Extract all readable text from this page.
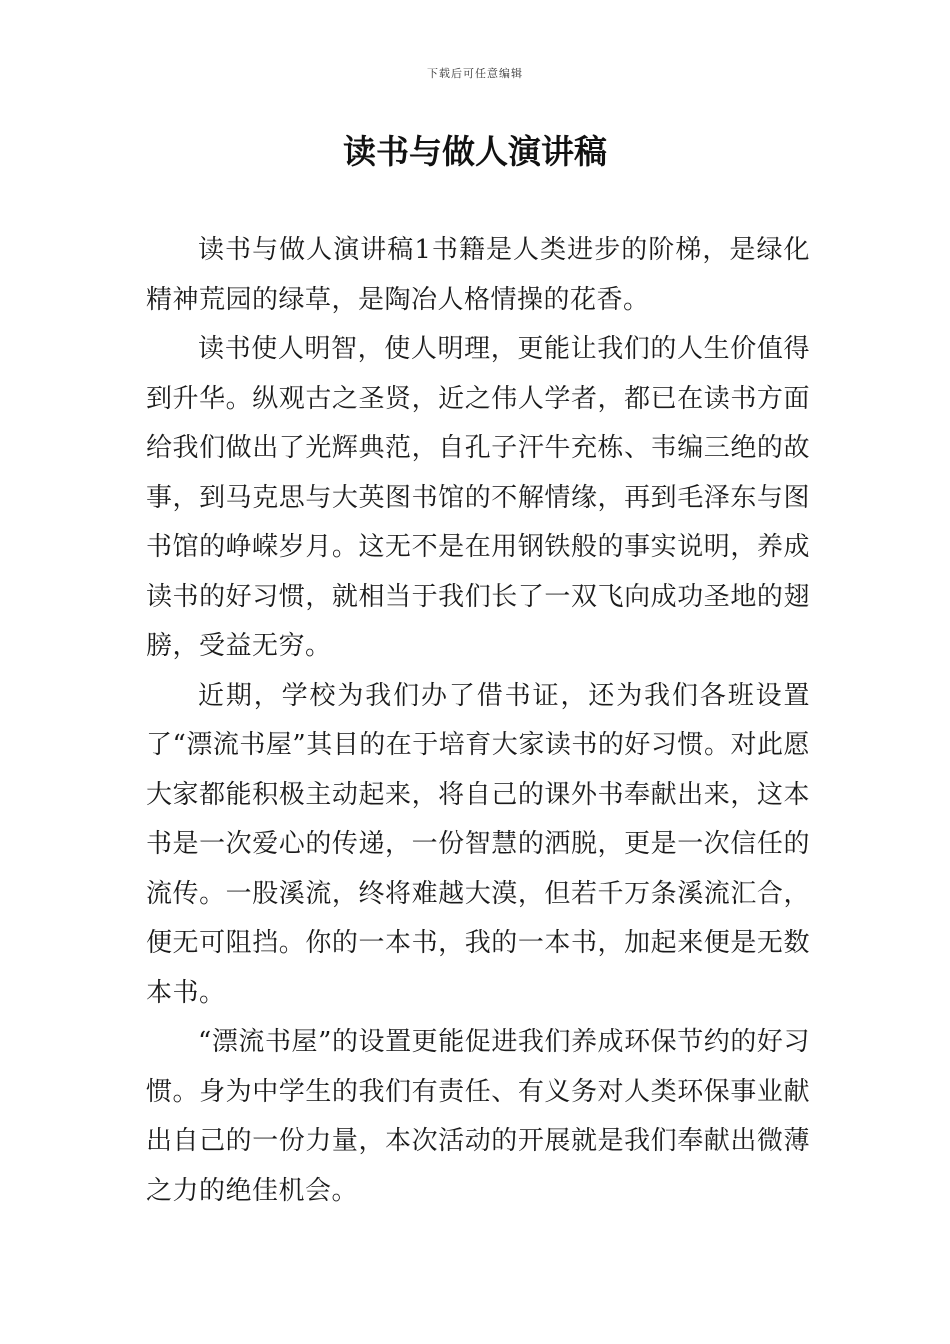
下载后可任意编辑
读书与做人演讲稿

读书与做人演讲稿1书籍是人类进步的阶梯，是绿化精神荒园的绿草，是陶冶人格情操的花香。

读书使人明智，使人明理，更能让我们的人生价值得到升华。纵观古之圣贤，近之伟人学者，都已在读书方面给我们做出了光辉典范，自孔子汗牛充栋、韦编三绝的故事，到马克思与大英图书馆的不解情缘，再到毛泽东与图书馆的峥嵘岁月。这无不是在用钢铁般的事实说明，养成读书的好习惯，就相当于我们长了一双飞向成功圣地的翅膀，受益无穷。

近期，学校为我们办了借书证，还为我们各班设置了“漂流书屋”其目的在于培育大家读书的好习惯。对此愿大家都能积极主动起来，将自己的课外书奉献出来，这本书是一次爱心的传递，一份智慧的洒脱，更是一次信任的流传。一股溪流，终将难越大漠，但若千万条溪流汇合，便无可阻挡。你的一本书，我的一本书，加起来便是无数本书。

“漂流书屋”的设置更能促进我们养成环保节约的好习惯。身为中学生的我们有责任、有义务对人类环保事业献出自己的一份力量，本次活动的开展就是我们奉献出微薄之力的绝佳机会。
